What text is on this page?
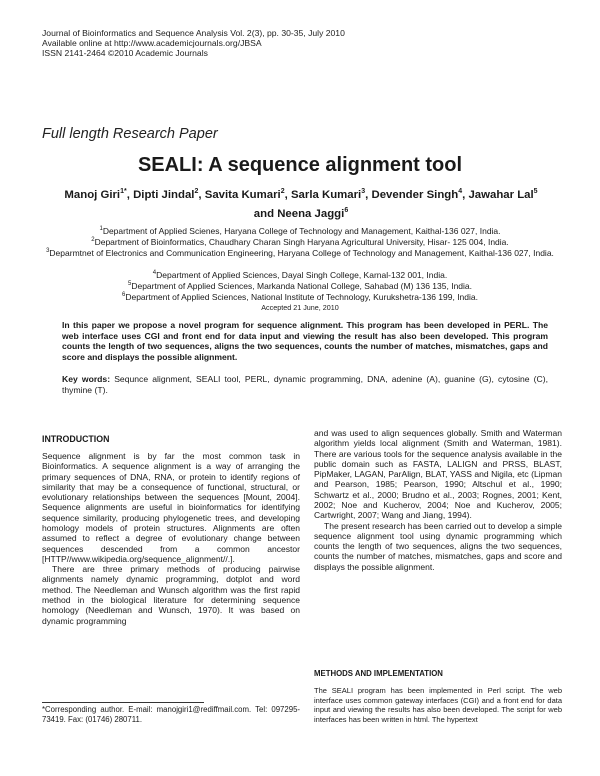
Journal of Bioinformatics and Sequence Analysis Vol. 2(3), pp. 30-35, July 2010
Available online at http://www.academicjournals.org/JBSA
ISSN 2141-2464 ©2010 Academic Journals
Full length Research Paper
SEALI: A sequence alignment tool
Manoj Giri$^{1*}$, Dipti Jindal$^2$, Savita Kumari$^2$, Sarla Kumari$^3$, Devender Singh$^4$, Jawahar Lal$^5$ and Neena Jaggi$^6$
$^1$Department of Applied Scienes, Haryana College of Technology and Management, Kaithal-136 027, India.
$^2$Department of Bioinformatics, Chaudhary Charan Singh Haryana Agricultural University, Hisar- 125 004, India.
$^3$Deparmtnet of Electronics and Communication Engineering, Haryana College of Technology and Management, Kaithal-136 027, India.
$^4$Department of Applied Sciences, Dayal Singh College, Karnal-132 001, India.
$^5$Department of Applied Sciences, Markanda National College, Sahabad (M) 136 135, India.
$^6$Department of Applied Sciences, National Institute of Technology, Kurukshetra-136 199, India.
Accepted 21 June, 2010
In this paper we propose a novel program for sequence alignment. This program has been developed in PERL. The web interface uses CGI and front end for data input and viewing the result has also been developed. This program counts the length of two sequences, aligns the two sequences, counts the number of matches, mismatches, gaps and score and displays the possible alignment.
Key words: Sequnce alignment, SEALI tool, PERL, dynamic programming, DNA, adenine (A), guanine (G), cytosine (C), thymine (T).
INTRODUCTION

Sequence alignment is by far the most common task in Bioinformatics. A sequence alignment is a way of arranging the primary sequences of DNA, RNA, or protein to identify regions of similarity that may be a consequence of functional, structural, or evolutionary relationships between the sequences [Mount, 2004]. Sequence alignments are useful in bioinformatics for identifying sequence similarity, producing phylogenetic trees, and developing homology models of protein structures. Alignments are often assumed to reflect a degree of evolutionary change between sequences descended from a common ancestor [HTTP//www.wikipedia.org/sequence_alignment//.].

There are three primary methods of producing pairwise alignments namely dynamic programming, dotplot and word method. The Needleman and Wunsch algorithm was the first rapid method in the biological literature for determining sequence homology (Needleman and Wunsch, 1970). It was based on dynamic programming

and was used to align sequences globally. Smith and Waterman algorithm yields local alignment (Smith and Waterman, 1981). There are various tools for the sequence analysis available in the public domain such as FASTA, LALIGN and PRSS, BLAST, PipMaker, LAGAN, ParAlign, BLAT, YASS and Nigila, etc (Lipman and Pearson, 1985; Pearson, 1990; Altschul et al., 1990; Schwartz et al., 2000; Brudno et al., 2003; Rognes, 2001; Kent, 2002; Noe and Kucherov, 2004; Noe and Kucherov, 2005; Cartwright, 2007; Wang and Jiang, 1994).

The present research has been carried out to develop a simple sequence alignment tool using dynamic programming which counts the length of two sequences, aligns the two sequences, counts the number of matches, mismatches, gaps and score and displays the possible alignment.

METHODS AND IMPLEMENTATION
The SEALI program has been implemented in Perl script. The web interface uses common gateway interfaces (CGI) and a front end for data input and viewing the results has also been developed. The script for web interfaces has been written in html. The hypertext
*Corresponding author. E-mail: manojgiri1@rediffmail.com. Tel: 097295-73419. Fax: (01746) 280711.
